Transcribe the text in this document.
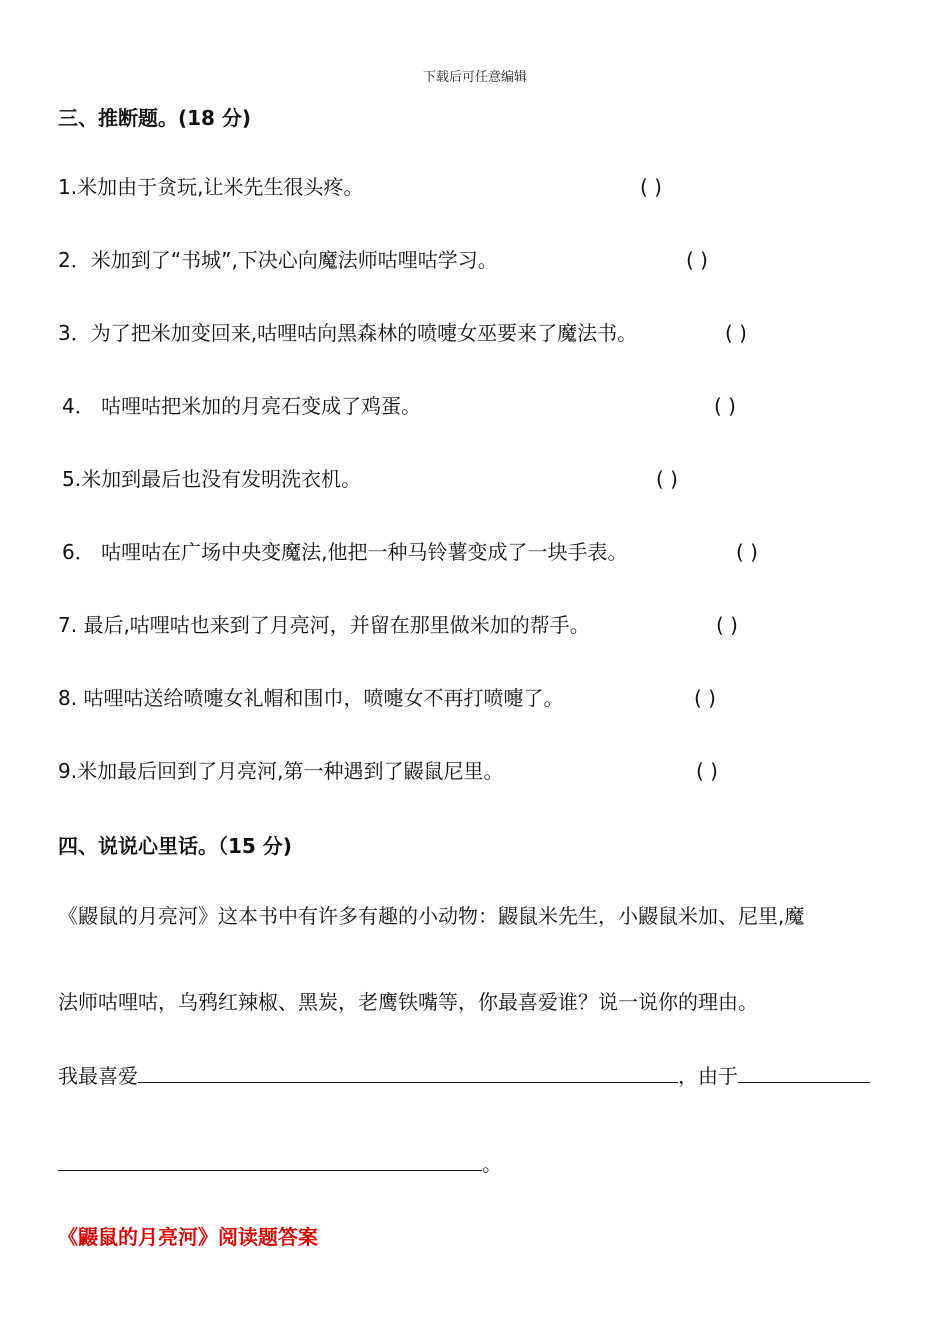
下载后可任意编辑
三、推断题。(18 分)
1.米加由于贪玩,让米先生很头疼。	( )
2．米加到了“书城”,下决心向魔法师咕哩咕学习。	( )
3．为了把米加变回来,咕哩咕向黑森林的喷嚏女巫要来了魔法书。	( )
4． 咕哩咕把米加的月亮石变成了鸡蛋。	( )
5.米加到最后也没有发明洗衣机。	( )
6． 咕哩咕在广场中央变魔法,他把一种马铃薯变成了一块手表。	( )
7. 最后,咕哩咕也来到了月亮河，并留在那里做米加的帮手。	( )
8. 咕哩咕送给喷嚏女礼帽和围巾，喷嚏女不再打喷嚏了。	( )
9.米加最后回到了月亮河,第一种遇到了鼹鼠尼里。	( )
四、说说心里话。（15 分)
《鼹鼠的月亮河》这本书中有许多有趣的小动物：鼹鼠米先生，小鼹鼠米加、尼里,魔
法师咕哩咕，乌鸦红辣椒、黑炭，老鹰铁嘴等，你最喜爱谁？说一说你的理由。
我最喜爱	，由于
。
《鼹鼠的月亮河》阅读题答案
